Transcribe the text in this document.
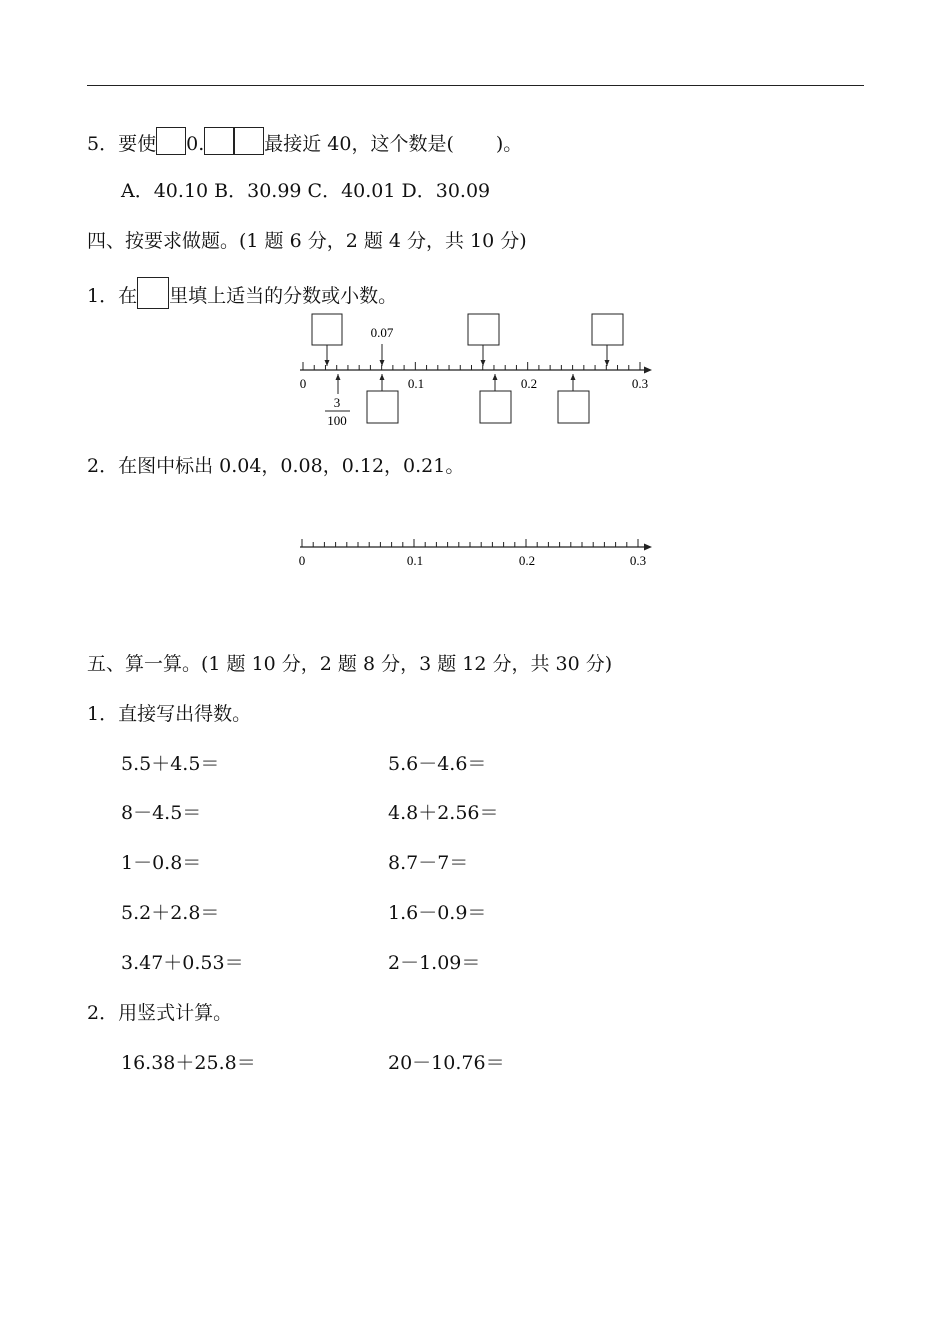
5．要使 0.	最接近 40，这个数是( )。
A．40.10 B．30.99 C．40.01 D．30.09
四、按要求做题。(1 题 6 分，2 题 4 分，共 10 分)
1．在 里填上适当的分数或小数。
0	0.1	0.2	0.3
0.07
3
100
2．在图中标出 0.04，0.08，0.12，0.21。
0	0.1	0.2	0.3
五、算一算。(1 题 10 分，2 题 8 分，3 题 12 分，共 30 分)
1．直接写出得数。
5.5＋4.5＝	5.6－4.6＝
8－4.5＝	4.8＋2.56＝
1－0.8＝	8.7－7＝
5.2＋2.8＝	1.6－0.9＝
3.47＋0.53＝	2－1.09＝
2．用竖式计算。
16.38＋25.8＝	20－10.76＝
